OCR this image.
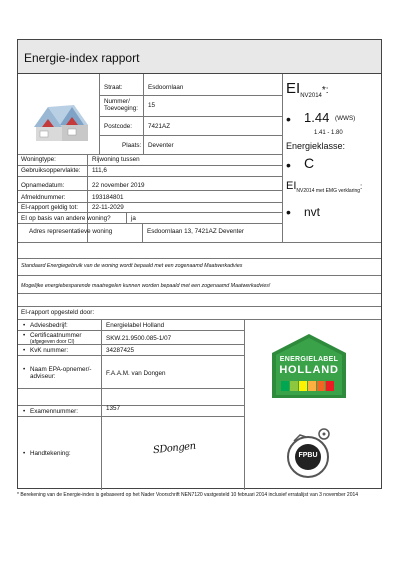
Energie-index rapport
Straat:	Esdoornlaan
Nummer/ Toevoeging:	15
Postcode:	7421AZ
Plaats: Deventer
Woningtype:	Rijwoning tussen
Gebruiksoppervlakte: 111,6
Opnamedatum:	22 november 2019
Afmeldnummer:	193184801
EI-rapport geldig tot: 22-11-2029
EI op basis van andere woning?	ja
Adres representatieve woning	Esdoornlaan 13, 7421AZ Deventer
$EI_{NV2014}*$:
• 1.44 (WWS)
1.41 - 1.80
Energieklasse:
• C
$EI_{NV2014 met EMG verklaring}$:
• nvt
Standaard Energiegebruik van de woning wordt bepaald met een zogenaamd Maatwerkadvies
Mogelijke energiebesparende maatregelen kunnen worden bepaald met een zogenaamd Maatwerkadvies!
EI-rapport opgesteld door:
• Adviesbedrijf:	Energielabel Holland
• Certificaatnummer
(afgegeven door CI)	SKW.21.9500.085-1/07
• KvK nummer:	34287425
• Naam EPA-opnemer/-adviseur:	F.A.A.M. van Dongen
• Examennummer:	1357
• Handtekening:	SDongen
ENERGIELABEL
HOLLAND
FPBU
* Berekening van de Energie-index is gebaseerd op het Nader Voorschrift NEN7120 vastgesteld 10 februari 2014 inclusief erratalijst van 3 november 2014
